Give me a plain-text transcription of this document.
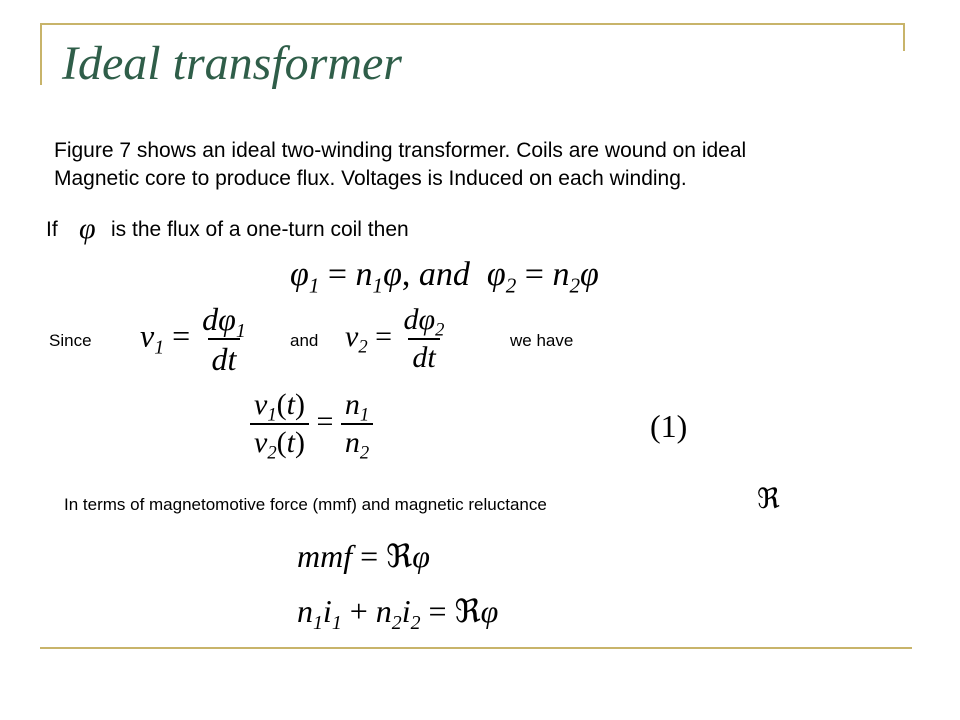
Ideal transformer
Figure 7 shows an ideal two-winding transformer. Coils are wound on ideal
Magnetic core to produce flux. Voltages is Induced on each winding.
If φ is the flux of a one-turn coil then
$\varphi_1 = n_1\varphi$, and  $\varphi_2 = n_2\varphi$
Since $v_1 = \frac{d\varphi_1}{dt}$ and $v_2 = \frac{d\varphi_2}{dt}$	we have
$\frac{v_1(t)}{v_2(t)} = \frac{n_1}{n_2}$	(1)
In terms of magnetomotive force (mmf) and magnetic reluctance	ℜ
mmf = ℜφ
$n_1i_1 + n_2i_2$ = ℜφ
